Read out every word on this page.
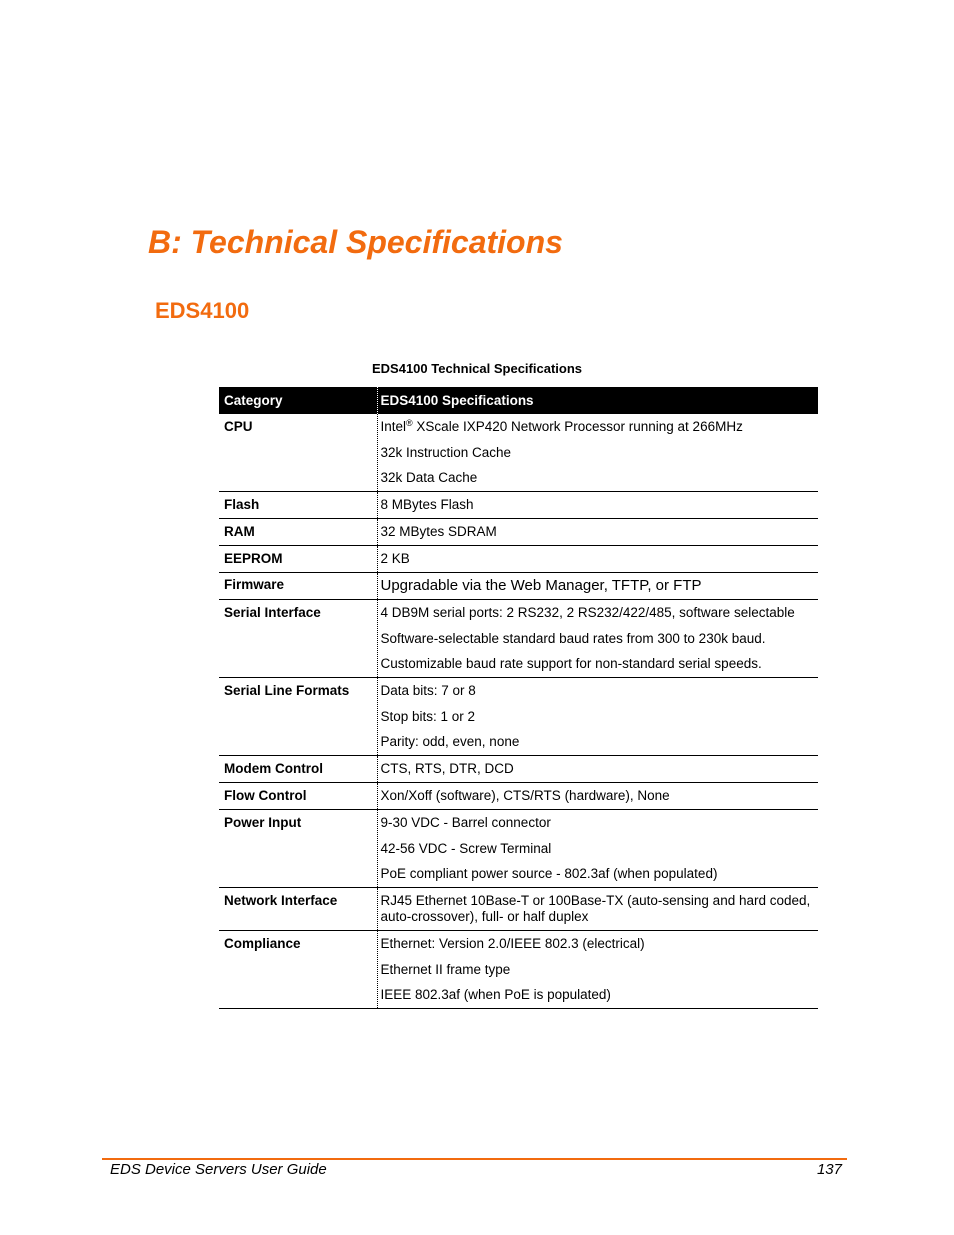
B: Technical Specifications
EDS4100
EDS4100 Technical Specifications
Category	EDS4100 Specifications
CPU	Intel® XScale IXP420 Network Processor running at 266MHz
32k Instruction Cache
32k Data Cache

Flash	8 MBytes Flash

RAM	32 MBytes SDRAM

EEPROM	2 KB

Firmware	Upgradable via the Web Manager, TFTP, or FTP

Serial Interface	4 DB9M serial ports: 2 RS232, 2 RS232/422/485, software selectable
Software-selectable standard baud rates from 300 to 230k baud.
Customizable baud rate support for non-standard serial speeds.

Serial Line Formats	Data bits: 7 or 8
Stop bits: 1 or 2
Parity: odd, even, none

Modem Control	CTS, RTS, DTR, DCD

Flow Control	Xon/Xoff (software), CTS/RTS (hardware), None

Power Input	9-30 VDC - Barrel connector
42-56 VDC - Screw Terminal
PoE compliant power source - 802.3af (when populated)

Network Interface	RJ45 Ethernet 10Base-T or 100Base-TX (auto-sensing and hard coded, auto-crossover), full- or half duplex

Compliance	Ethernet: Version 2.0/IEEE 802.3 (electrical)
Ethernet II frame type
IEEE 802.3af (when PoE is populated)
EDS Device Servers User Guide	137
